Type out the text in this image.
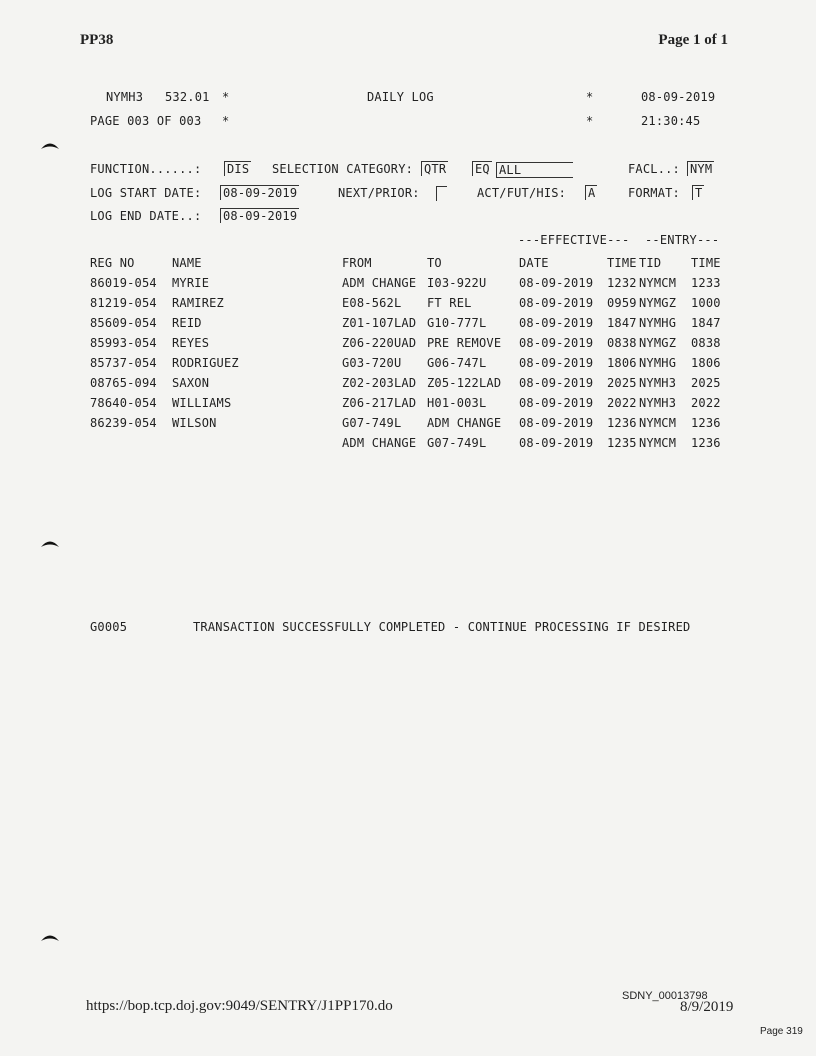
PP38	Page 1 of 1
NYMH3 532.01 *	DAILY LOG	*	08-09-2019
PAGE 003 OF 003 *	*	21:30:45
FUNCTION......:	DIS SELECTION CATEGORY: QTR	EQ ALL	FACL..: NYM
LOG START DATE:	08-09-2019	NEXT/PRIOR:	ACT/FUT/HIS:	A	FORMAT:	T
LOG END DATE..:	08-09-2019
---EFFECTIVE--- --ENTRY---
REG NO	NAME	FROM	TO	DATE	TIME	TID	TIME
86019-054	MYRIE	ADM CHANGE	I03-922U	08-09-2019	1232	NYMCM	1233
81219-054	RAMIREZ	E08-562L	FT REL	08-09-2019	0959	NYMGZ	1000
85609-054	REID	Z01-107LAD	G10-777L	08-09-2019	1847	NYMHG	1847
85993-054	REYES	Z06-220UAD	PRE REMOVE	08-09-2019	0838	NYMGZ	0838
85737-054	RODRIGUEZ	G03-720U	G06-747L	08-09-2019	1806	NYMHG	1806
08765-094	SAXON	Z02-203LAD	Z05-122LAD	08-09-2019	2025	NYMH3	2025
78640-054	WILLIAMS	Z06-217LAD	H01-003L	08-09-2019	2022	NYMH3	2022
86239-054	WILSON	G07-749L	ADM CHANGE	08-09-2019	1236	NYMCM	1236
		ADM CHANGE	G07-749L	08-09-2019	1235	NYMCM	1236
G0005	TRANSACTION SUCCESSFULLY COMPLETED - CONTINUE PROCESSING IF DESIRED
https://bop.tcp.doj.gov:9049/SENTRY/J1PP170.do
SDNY_00013798
8/9/2019
Page 319
